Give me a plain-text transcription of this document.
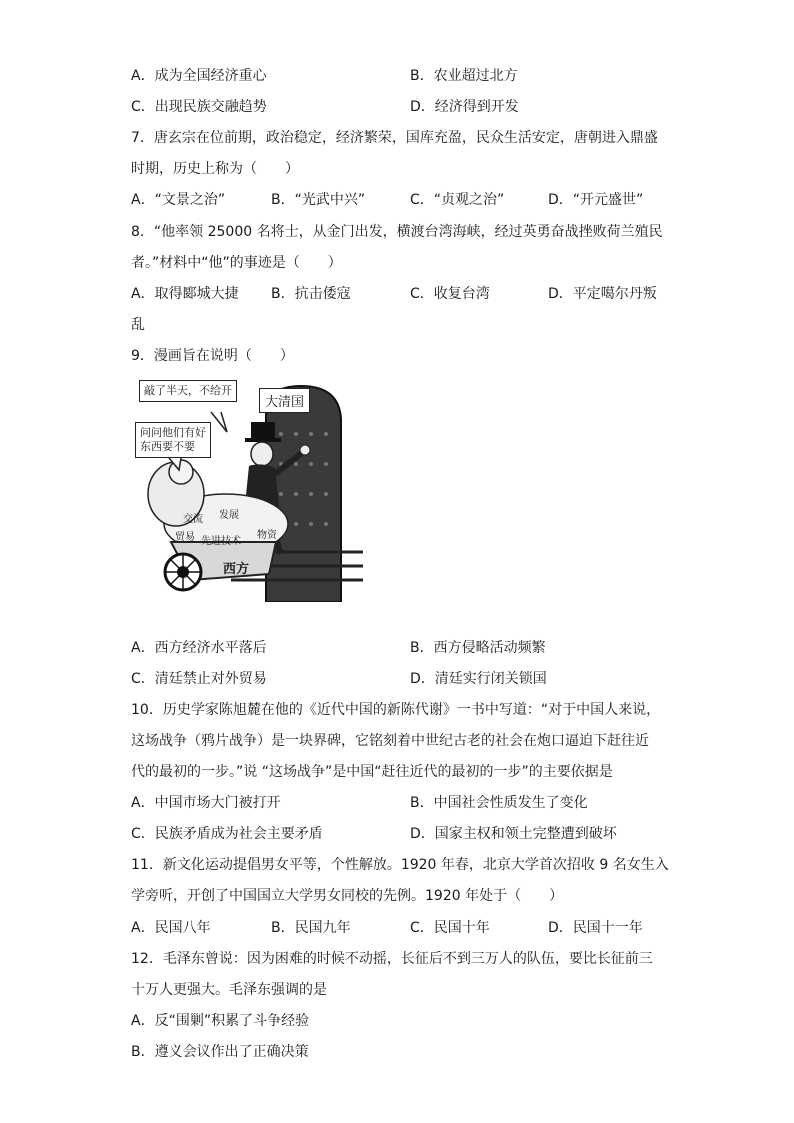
A．成为全国经济重心	B．农业超过北方
C．出现民族交融趋势	D．经济得到开发
7．唐玄宗在位前期，政治稳定，经济繁荣，国库充盈，民众生活安定，唐朝进入鼎盛
时期，历史上称为（　　）
A．“文景之治”	B．“光武中兴”	C．“贞观之治”	D．“开元盛世”
8．“他率领 25000 名将士，从金门出发，横渡台湾海峡，经过英勇奋战挫败荷兰殖民
者。”材料中“他”的事迹是（　　）
A．取得郾城大捷 B．抗击倭寇	C．收复台湾	D．平定噶尔丹叛
乱
9．漫画旨在说明（　　）
敲了半天，不给开
问问他们有好
东西要不要
大清国
交流 发展
贸易 先进技术
物资
西方
A．西方经济水平落后	B．西方侵略活动频繁
C．清廷禁止对外贸易	D．清廷实行闭关锁国
10．历史学家陈旭麓在他的《近代中国的新陈代谢》一书中写道：“对于中国人来说，
这场战争（鸦片战争）是一块界碑，它铭刻着中世纪古老的社会在炮口逼迫下赶往近
代的最初的一步。”说 “这场战争”是中国“赶往近代的最初的一步”的主要依据是
A．中国市场大门被打开	B．中国社会性质发生了变化
C．民族矛盾成为社会主要矛盾	D．国家主权和领土完整遭到破坏
11．新文化运动提倡男女平等，个性解放。1920 年春，北京大学首次招收 9 名女生入
学旁听，开创了中国国立大学男女同校的先例。1920 年处于（　　）
A．民国八年	B．民国九年	C．民国十年	D．民国十一年
12．毛泽东曾说：因为困难的时候不动摇，长征后不到三万人的队伍，要比长征前三
十万人更强大。毛泽东强调的是
A．反“围剿”积累了斗争经验
B．遵义会议作出了正确决策
